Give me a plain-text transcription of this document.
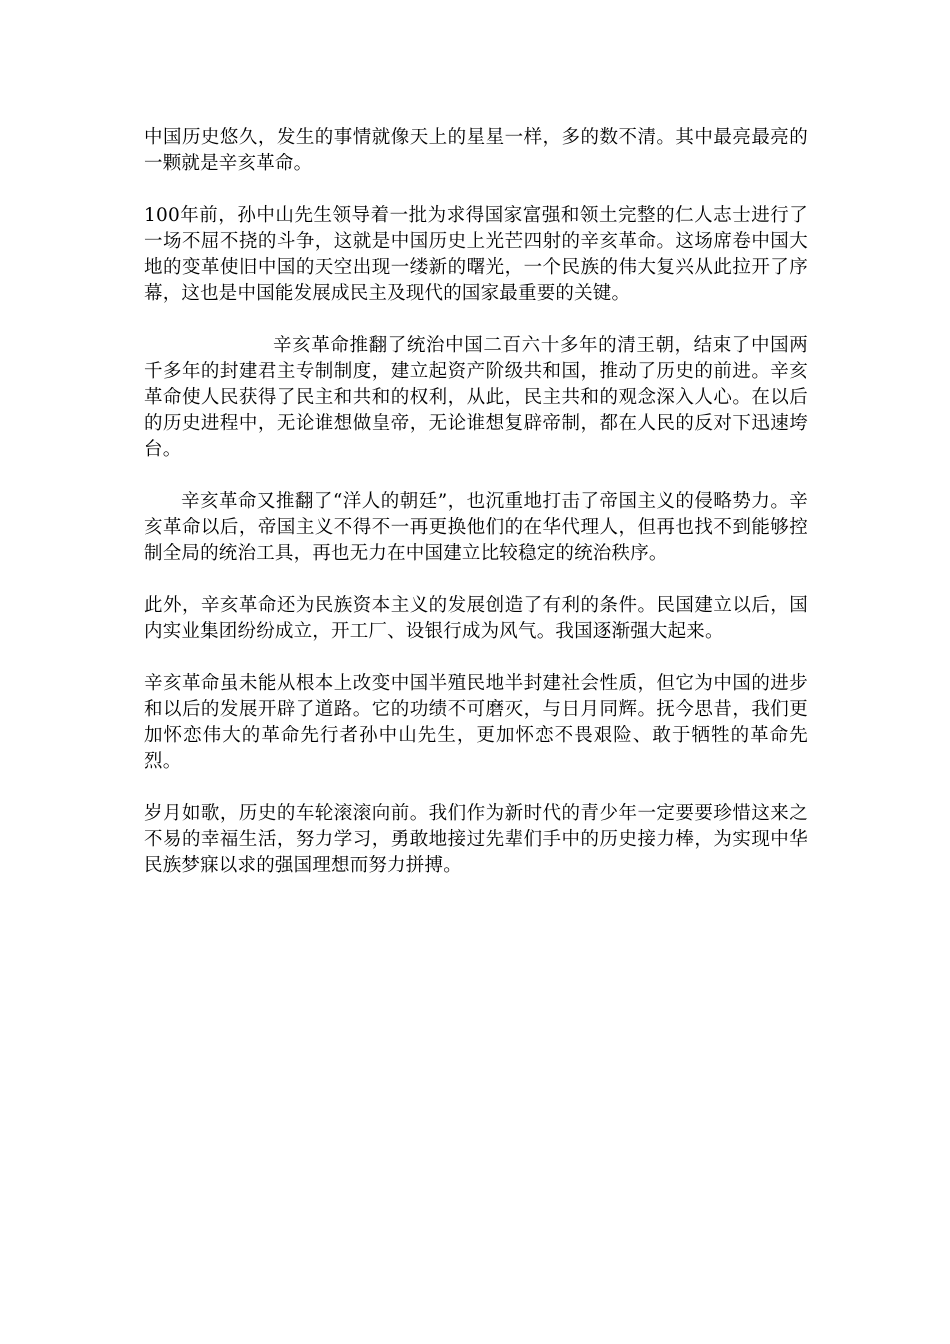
中国历史悠久，发生的事情就像天上的星星一样，多的数不清。其中最亮最亮的一颗就是辛亥革命。

100年前，孙中山先生领导着一批为求得国家富强和领土完整的仁人志士进行了一场不屈不挠的斗争，这就是中国历史上光芒四射的辛亥革命。这场席卷中国大地的变革使旧中国的天空出现一缕新的曙光，一个民族的伟大复兴从此拉开了序幕，这也是中国能发展成民主及现代的国家最重要的关键。

辛亥革命推翻了统治中国二百六十多年的清王朝，结束了中国两千多年的封建君主专制制度，建立起资产阶级共和国，推动了历史的前进。辛亥革命使人民获得了民主和共和的权利，从此，民主共和的观念深入人心。在以后的历史进程中，无论谁想做皇帝，无论谁想复辟帝制，都在人民的反对下迅速垮台。

辛亥革命又推翻了“洋人的朝廷”，也沉重地打击了帝国主义的侵略势力。辛亥革命以后，帝国主义不得不一再更换他们的在华代理人，但再也找不到能够控制全局的统治工具，再也无力在中国建立比较稳定的统治秩序。

此外，辛亥革命还为民族资本主义的发展创造了有利的条件。民国建立以后，国内实业集团纷纷成立，开工厂、设银行成为风气。我国逐渐强大起来。

辛亥革命虽未能从根本上改变中国半殖民地半封建社会性质，但它为中国的进步和以后的发展开辟了道路。它的功绩不可磨灭，与日月同辉。抚今思昔，我们更加怀恋伟大的革命先行者孙中山先生，更加怀恋不畏艰险、敢于牺牲的革命先烈。

岁月如歌，历史的车轮滚滚向前。我们作为新时代的青少年一定要要珍惜这来之不易的幸福生活，努力学习，勇敢地接过先辈们手中的历史接力棒，为实现中华民族梦寐以求的强国理想而努力拼搏。
